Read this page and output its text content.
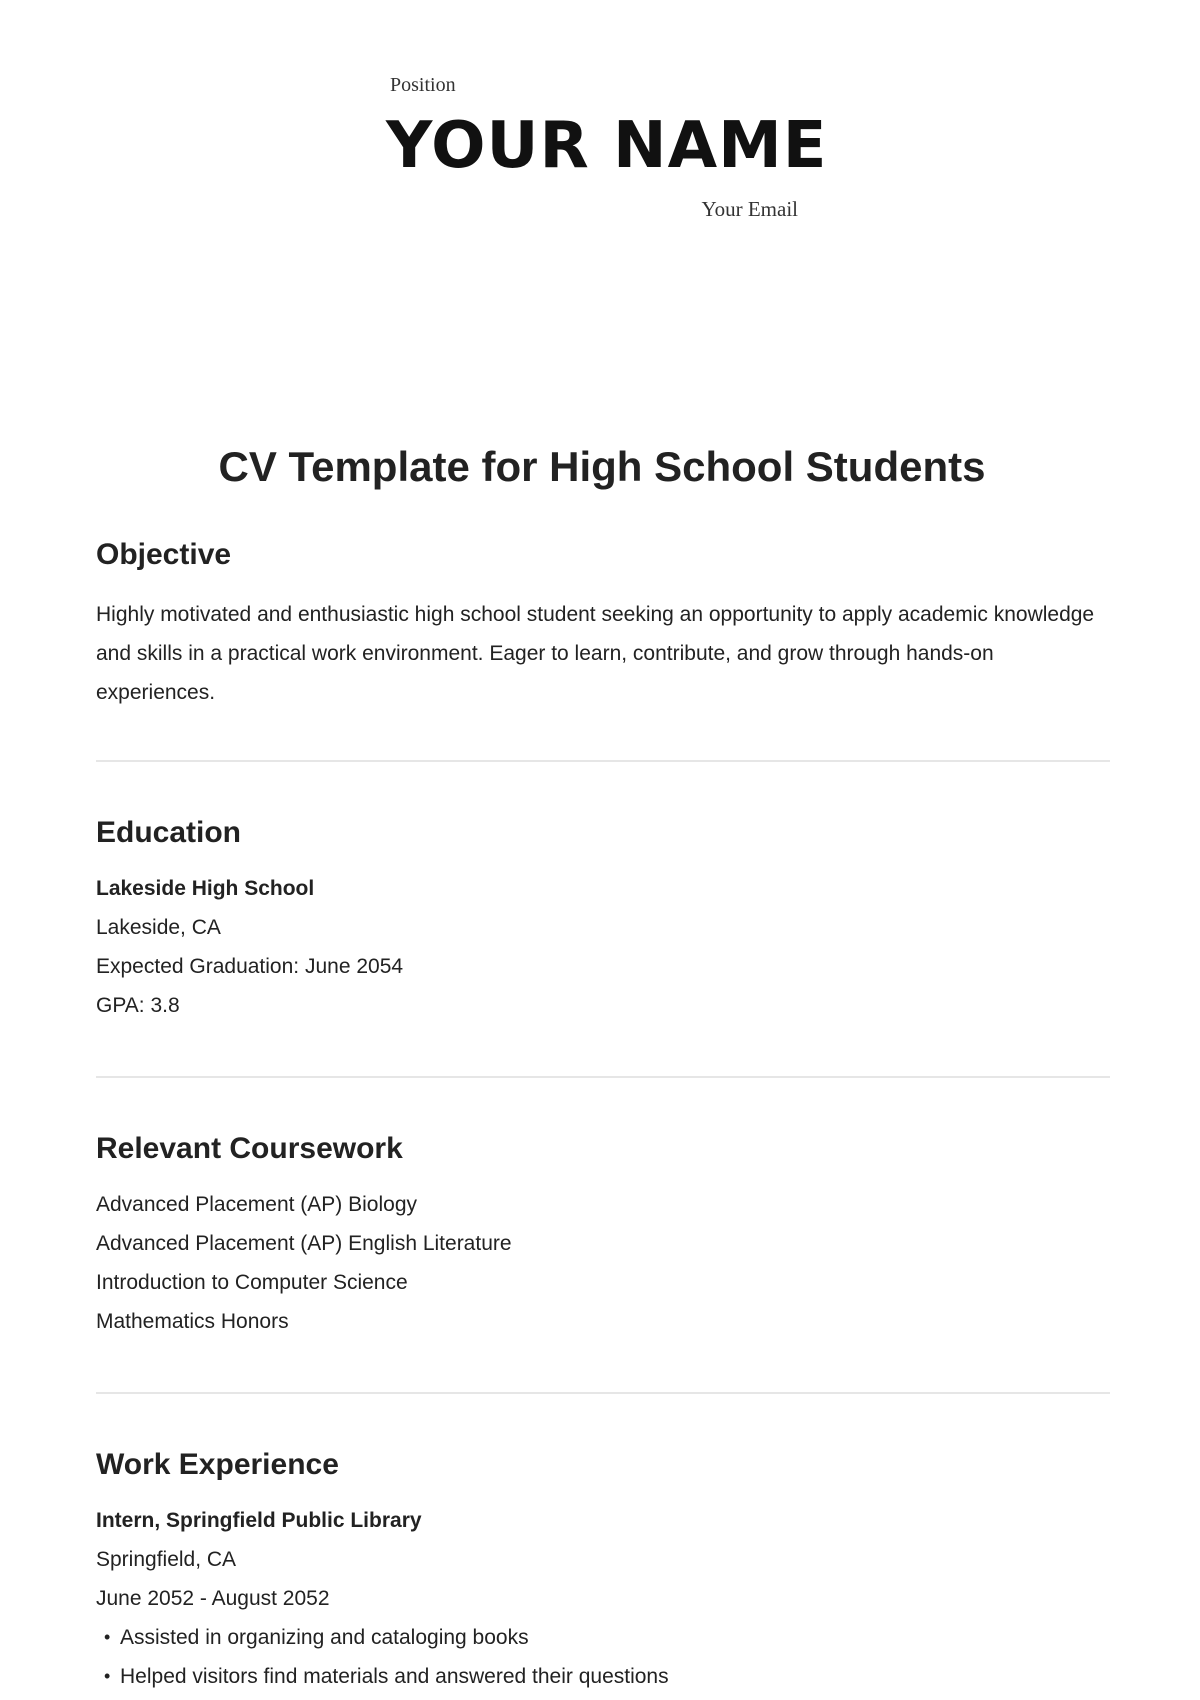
Position
YOUR NAME
Your Email
CV Template for High School Students
Objective
Highly motivated and enthusiastic high school student seeking an opportunity to apply academic knowledge and skills in a practical work environment. Eager to learn, contribute, and grow through hands-on experiences.
Education
Lakeside High School
Lakeside, CA
Expected Graduation: June 2054
GPA: 3.8
Relevant Coursework
Advanced Placement (AP) Biology
Advanced Placement (AP) English Literature
Introduction to Computer Science
Mathematics Honors
Work Experience
Intern, Springfield Public Library
Springfield, CA
June 2052 - August 2052
• Assisted in organizing and cataloging books
• Helped visitors find materials and answered their questions
